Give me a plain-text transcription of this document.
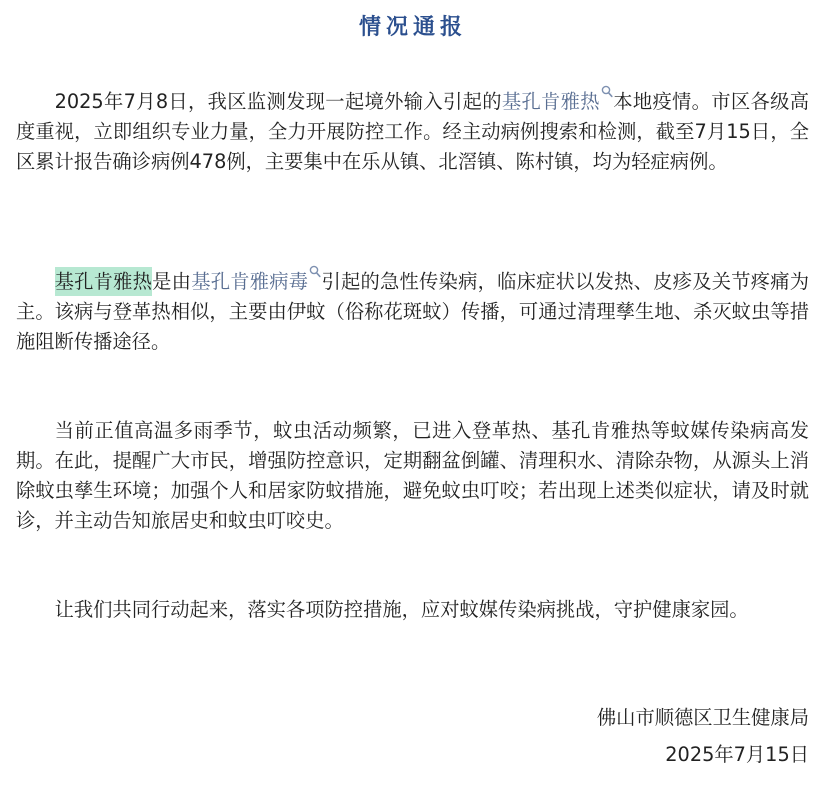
情况通报

2025年7月8日，我区监测发现一起境外输入引起的基孔肯雅热 本地疫情。市区各级高度重视，立即组织专业力量，全力开展防控工作。经主动病例搜索和检测，截至7月15日，全区累计报告确诊病例478例，主要集中在乐从镇、北滘镇、陈村镇，均为轻症病例。

基孔肯雅热是由基孔肯雅病毒 引起的急性传染病，临床症状以发热、皮疹及关节疼痛为主。该病与登革热相似，主要由伊蚊（俗称花斑蚊）传播，可通过清理孳生地、杀灭蚊虫等措施阻断传播途径。

当前正值高温多雨季节，蚊虫活动频繁，已进入登革热、基孔肯雅热等蚊媒传染病高发期。在此，提醒广大市民，增强防控意识，定期翻盆倒罐、清理积水、清除杂物，从源头上消除蚊虫孳生环境；加强个人和居家防蚊措施，避免蚊虫叮咬；若出现上述类似症状，请及时就诊，并主动告知旅居史和蚊虫叮咬史。

让我们共同行动起来，落实各项防控措施，应对蚊媒传染病挑战，守护健康家园。

佛山市顺德区卫生健康局
2025年7月15日
